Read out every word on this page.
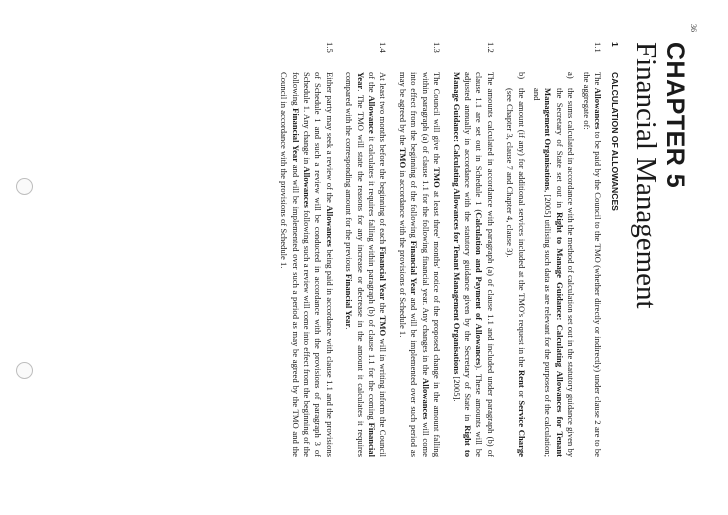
CHAPTER 5
Financial Management
1
CALCULATION OF ALLOWANCES
1.1
The Allowances to be paid by the Council to the TMO (whether directly or indirectly) under clause 2 are to be the aggregate of:
a)
the sums calculated in accordance with the method of calculation set out in the statutory guidance given by the Secretary of State set out in Right to Manage Guidance: Calculating Allowances for Tenant Management Organisations, [2005] utilising such data as are relevant for the purposes of the calculation; and
b)
the amount (if any) for additional services included at the TMO's request in the Rent or Service Charge (see Chapter 3, clause 7 and Chapter 4, clause 3).
1.2
The amounts calculated in accordance with paragraph (a) of clause 1.1 and included under paragraph (b) of clause 1.1 are set out in Schedule 1 (Calculation and Payment of Allowances). These amounts will be adjusted annually in accordance with the statutory guidance given by the Secretary of State in Right to Manage Guidance: Calculating Allowances for Tenant Management Organisations [2005].
1.3
The Council will give the TMO at least three' months' notice of the proposed change in the amount falling within paragraph (a) of clause 1.1 for the following financial year. Any changes in the Allowances will come into effect from the beginning of the following Financial Year and will be implemented over such period as may be agreed by the TMO in accordance with the provisions of Schedule 1.
1.4
At least two months before the beginning of each Financial Year the TMO will in writing inform the Council of the Allowance it calculates it requires falling within paragraph (b) of clause 1.1 for the coming Financial Year. The TMO will state the reasons for any increase or decrease in the amount it calculates it requires compared with the corresponding amount for the previous Financial Year.
1.5
Either party may seek a review of the Allowances being paid in accordance with clause 1.1 and the provisions of Schedule 1 and such a review will be conducted in accordance with the provisions of paragraph 3 of Schedule 1. Any change in Allowances following such a review will come into effect from the beginning of the following Financial Year and will be implemented over such a period as may be agreed by the TMO and the Council in accordance with the provisions of Schedule 1.
36
